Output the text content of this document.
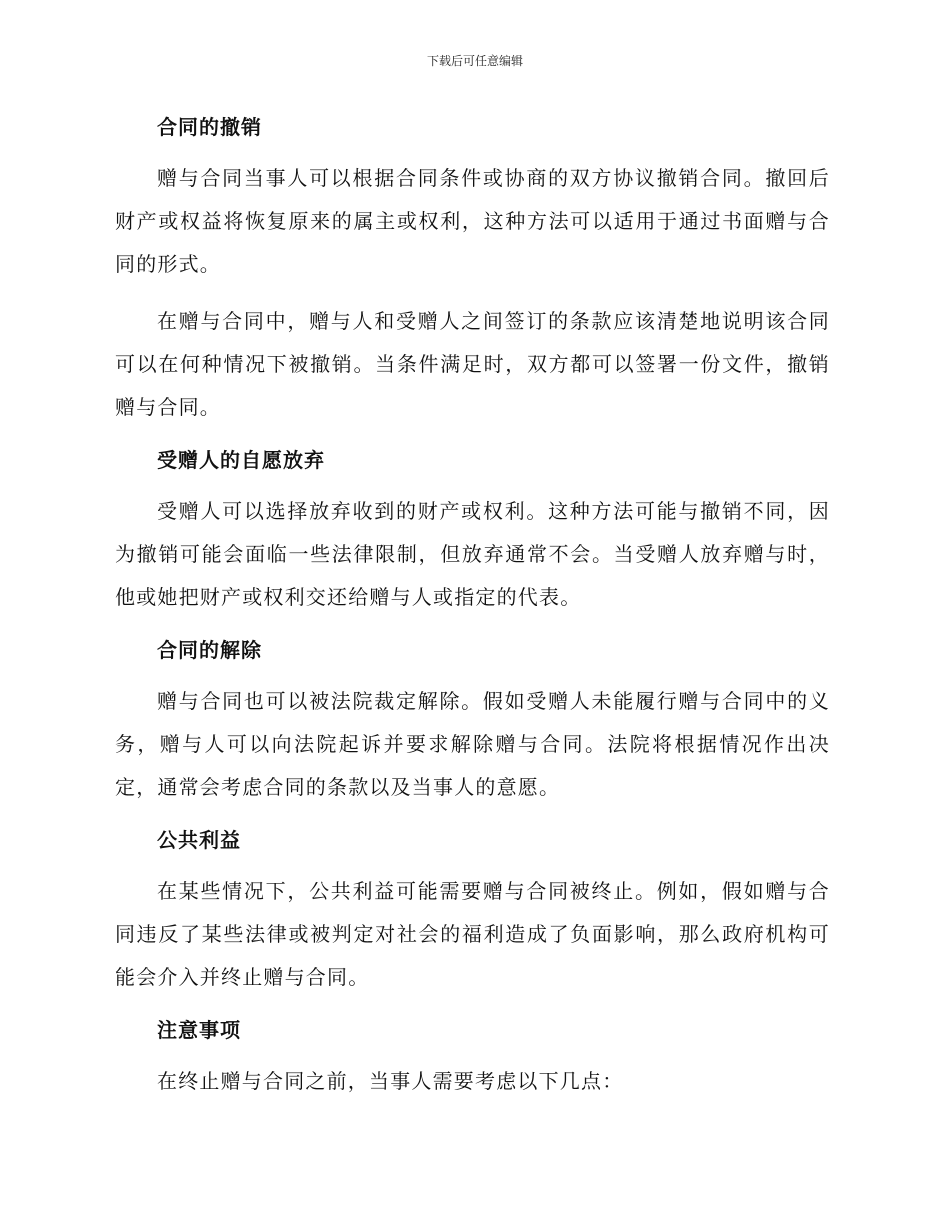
下载后可任意编辑
合同的撤销

赠与合同当事人可以根据合同条件或协商的双方协议撤销合同。撤回后财产或权益将恢复原来的属主或权利，这种方法可以适用于通过书面赠与合同的形式。

在赠与合同中，赠与人和受赠人之间签订的条款应该清楚地说明该合同可以在何种情况下被撤销。当条件满足时，双方都可以签署一份文件，撤销赠与合同。

受赠人的自愿放弃

受赠人可以选择放弃收到的财产或权利。这种方法可能与撤销不同，因为撤销可能会面临一些法律限制，但放弃通常不会。当受赠人放弃赠与时，他或她把财产或权利交还给赠与人或指定的代表。

合同的解除

赠与合同也可以被法院裁定解除。假如受赠人未能履行赠与合同中的义务，赠与人可以向法院起诉并要求解除赠与合同。法院将根据情况作出决定，通常会考虑合同的条款以及当事人的意愿。

公共利益

在某些情况下，公共利益可能需要赠与合同被终止。例如，假如赠与合同违反了某些法律或被判定对社会的福利造成了负面影响，那么政府机构可能会介入并终止赠与合同。

注意事项

在终止赠与合同之前，当事人需要考虑以下几点：
